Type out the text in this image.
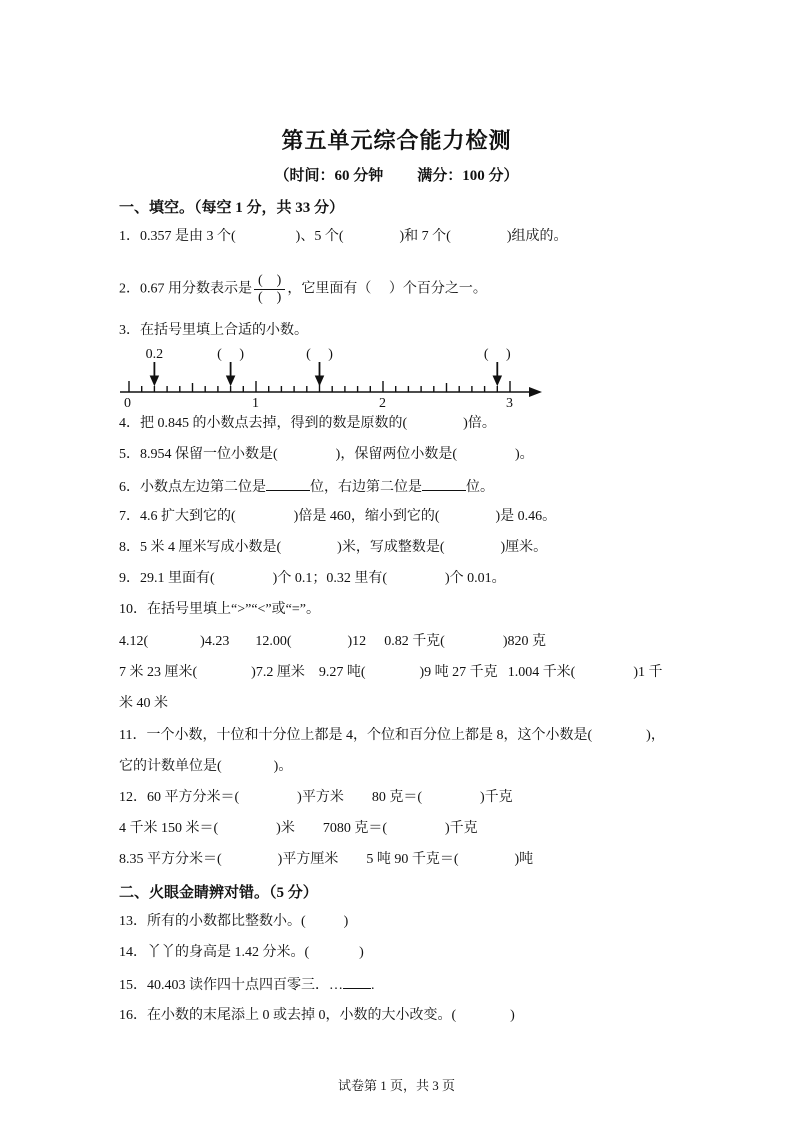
第五单元综合能力检测
（时间：60 分钟 满分：100 分）
一、填空。（每空 1 分，共 33 分）
1．0.357 是由 3 个(	)、5 个(	)和 7 个(	)组成的。
2．0.67 用分数表示是 $\frac{( )}{( )}$ ，它里面有（　 ）个百分之一。
3．在括号里填上合适的小数。
0	1	2	3
0.2	(　 )	(　 )	(　 )
4．把 0.845 的小数点去掉，得到的数是原数的(	)倍。
5．8.954 保留一位小数是(	)，保留两位小数是(	)。
6．小数点左边第二位是	位，右边第二位是	位。
7．4.6 扩大到它的(	)倍是 460，缩小到它的(	)是 0.46。
8．5 米 4 厘米写成小数是(	)米，写成整数是(	)厘米。
9．29.1 里面有(	)个 0.1；0.32 里有(	)个 0.01。
10．在括号里填上“>”“<”或“=”。
4.12(	)4.23 12.00(	)12 0.82 千克(	)820 克
7 米 23 厘米(	)7.2 厘米 9.27 吨(	)9 吨 27 千克 1.004 千米(	)1 千
米 40 米
11．一个小数，十位和十分位上都是 4，个位和百分位上都是 8，这个小数是(	)，
它的计数单位是(	)。
12．60 平方分米＝(	)平方米 80 克＝(	)千克
4 千米 150 米＝(	)米 7080 克＝(	)千克
8.35 平方分米＝(	)平方厘米 5 吨 90 千克＝(	)吨
二、火眼金睛辨对错。（5 分）
13．所有的小数都比整数小。(	)
14．丫丫的身高是 1.42 分米。(	)
15．40.403 读作四十点四百零三．… .
16．在小数的末尾添上 0 或去掉 0，小数的大小改变。(	)
试卷第 1 页，共 3 页
